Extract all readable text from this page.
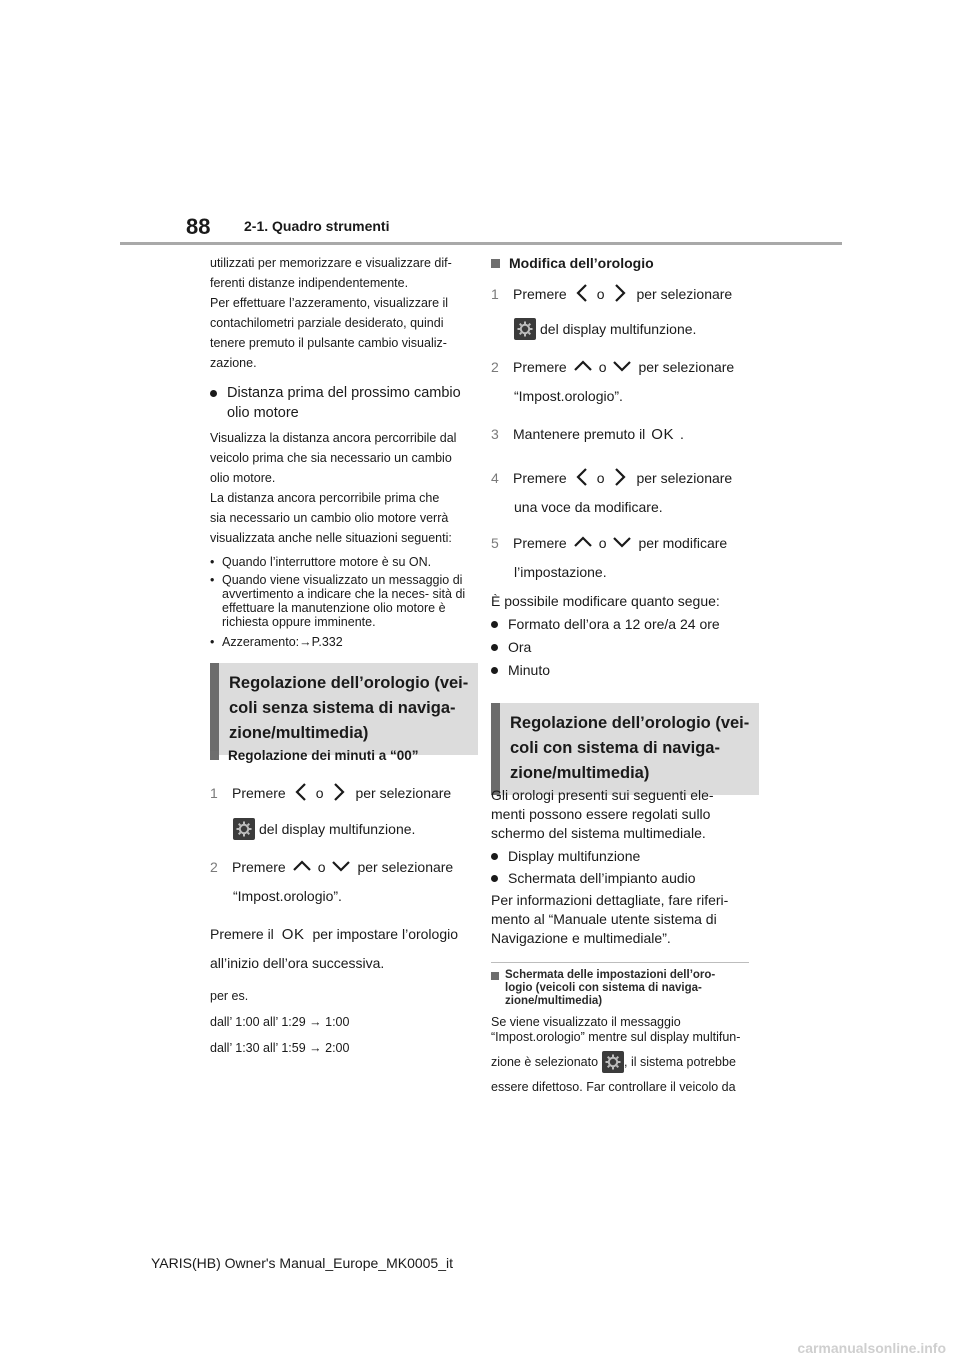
88 2-1. Quadro strumenti

utilizzati per memorizzare e visualizzare dif-

ferenti distanze indipendentemente.

Per effettuare l’azzeramento, visualizzare il

contachilometri parziale desiderato, quindi

tenere premuto il pulsante cambio visualiz-

zazione.

Distanza prima del prossimo cambio
olio motore

Visualizza la distanza ancora percorribile dal

veicolo prima che sia necessario un cambio

olio motore.

La distanza ancora percorribile prima che

sia necessario un cambio olio motore verrà

visualizzata anche nelle situazioni seguenti:

• Quando l’interruttore motore è su ON.
• Quando viene visualizzato un messaggio di avvertimento a indicare che la neces- sità di effettuare la manutenzione olio motore è richiesta oppure imminente.
• Azzeramento: →P.332
Regolazione dell’orologio (vei-
coli senza sistema di naviga-
zione/multimedia)
Regolazione dei minuti a “00”
1	Premere o per selezionare
del display multifunzione.
2	Premere o per selezionare
“Impost.orologio”.
Premere il OK per impostare l’orologio
all’inizio dell’ora successiva.
per es.
dall’ 1:00 all’ 1:29 → 1:00
dall’ 1:30 all’ 1:59 → 2:00
Modifica dell’orologio
1	Premere o per selezionare
del display multifunzione.
2	Premere o per selezionare
“Impost.orologio”.
3	Mantenere premuto il OK .
4	Premere o per selezionare
una voce da modificare.
5	Premere o per modificare
l’impostazione.
È possibile modificare quanto segue:
Formato dell’ora a 12 ore/a 24 ore
Ora
Minuto
Regolazione dell’orologio (vei-
coli con sistema di naviga-
zione/multimedia)
Gli orologi presenti sui seguenti ele-
menti possono essere regolati sullo
schermo del sistema multimediale.
Display multifunzione
Schermata dell’impianto audio
Per informazioni dettagliate, fare riferi-
mento al “Manuale utente sistema di
Navigazione e multimediale”.
Schermata delle impostazioni dell’oro- logio (veicoli con sistema di naviga- zione/multimedia)
Se viene visualizzato il messaggio
“Impost.orologio” mentre sul display multifun-
zione è selezionato , il sistema potrebbe
essere difettoso. Far controllare il veicolo da
YARIS(HB) Owner's Manual_Europe_MK0005_it
carmanualsonline.info
